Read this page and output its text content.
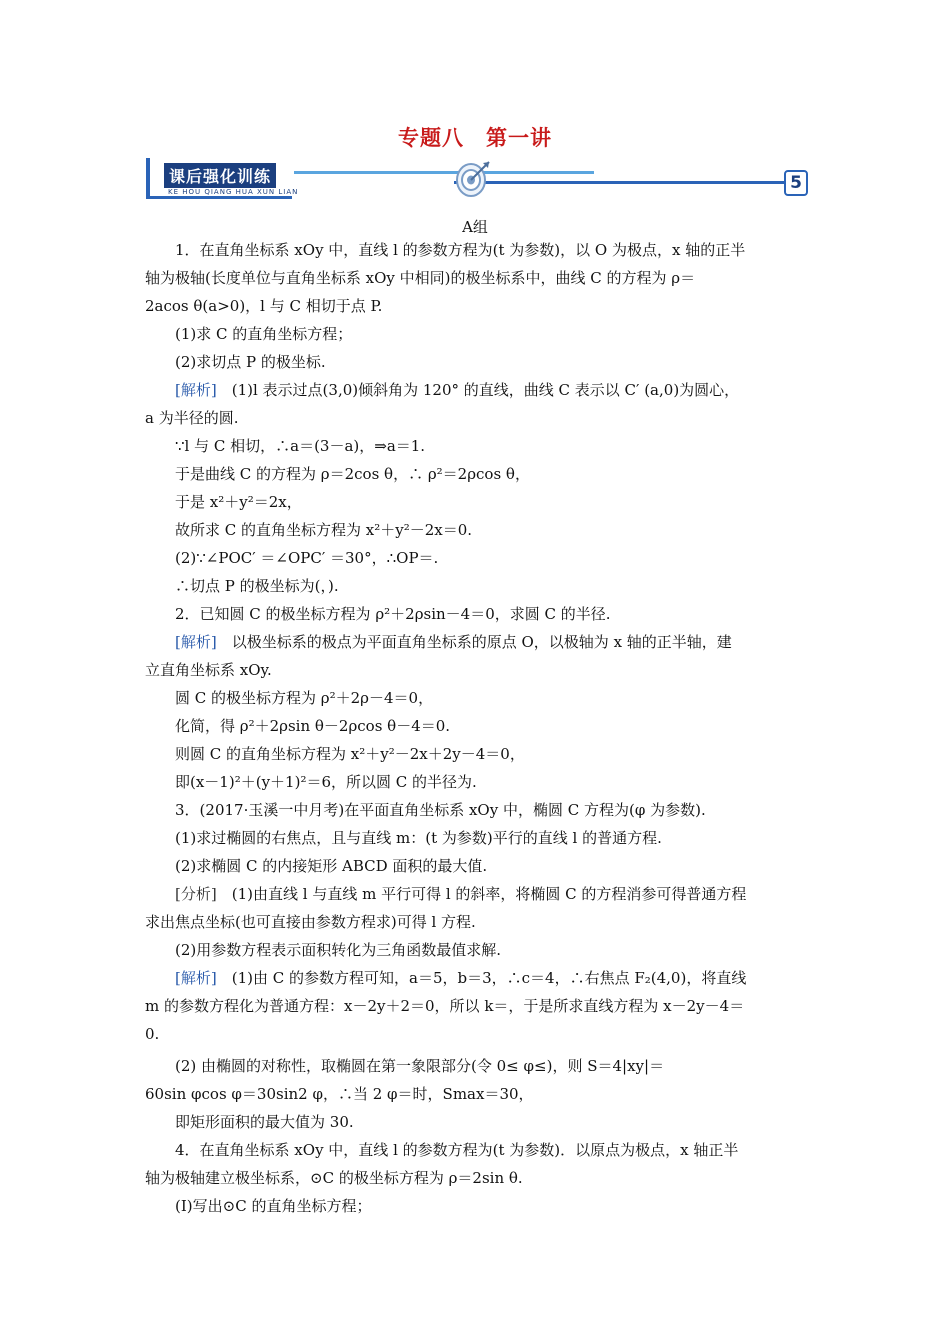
专题八　第一讲
课后强化训练
KE HOU QIANG HUA XUN LIAN	5
A组

1．在直角坐标系 xOy 中，直线 l 的参数方程为(t 为参数)，以 O 为极点，x 轴的正半

轴为极轴(长度单位与直角坐标系 xOy 中相同)的极坐标系中，曲线 C 的方程为 ρ＝

2acos θ(a>0)，l 与 C 相切于点 P.

(1)求 C 的直角坐标方程；

(2)求切点 P 的极坐标.

[解析]　 (1)l 表示过点(3,0)倾斜角为 120° 的直线，曲线 C 表示以 C′ (a,0)为圆心，

a 为半径的圆.

∵l 与 C 相切，∴a＝(3－a)，⇒a＝1.

于是曲线 C 的方程为 ρ＝2cos θ，∴ ρ²＝2ρcos θ，

于是 x²＋y²＝2x，

故所求 C 的直角坐标方程为 x²＋y²－2x＝0.

(2)∵∠POC′ ＝∠OPC′ ＝30°，∴OP＝.

∴切点 P 的极坐标为(，).

2．已知圆 C 的极坐标方程为 ρ²＋2ρsin－4＝0，求圆 C 的半径.

[解析]　 以极坐标系的极点为平面直角坐标系的原点 O，以极轴为 x 轴的正半轴，建

立直角坐标系 xOy.

圆 C 的极坐标方程为 ρ²＋2ρ－4＝0，

化简，得 ρ²＋2ρsin θ－2ρcos θ－4＝0.

则圆 C 的直角坐标方程为 x²＋y²－2x＋2y－4＝0，

即(x－1)²＋(y＋1)²＝6，所以圆 C 的半径为.

3．(2017·玉溪一中月考)在平面直角坐标系 xOy 中，椭圆 C 方程为(φ 为参数).

(1)求过椭圆的右焦点，且与直线 m：(t 为参数)平行的直线 l 的普通方程.

(2)求椭圆 C 的内接矩形 ABCD 面积的最大值.

[分析]　 (1)由直线 l 与直线 m 平行可得 l 的斜率，将椭圆 C 的方程消参可得普通方程

求出焦点坐标(也可直接由参数方程求)可得 l 方程.

(2)用参数方程表示面积转化为三角函数最值求解.

[解析]　 (1)由 C 的参数方程可知，a＝5，b＝3，∴c＝4，∴右焦点 F₂(4,0)，将直线

m 的参数方程化为普通方程：x－2y＋2＝0，所以 k＝，于是所求直线方程为 x－2y－4＝

0.

(2) 由椭圆的对称性，取椭圆在第一象限部分(令 0≤ φ≤)，则 S＝4|xy|＝

60sin φcos φ＝30sin2 φ，∴当 2 φ＝时，Smax＝30，

即矩形面积的最大值为 30.

4．在直角坐标系 xOy 中，直线 l 的参数方程为(t 为参数)．以原点为极点，x 轴正半

轴为极轴建立极坐标系，⊙C 的极坐标方程为 ρ＝2sin θ.

(Ⅰ)写出⊙C 的直角坐标方程；
